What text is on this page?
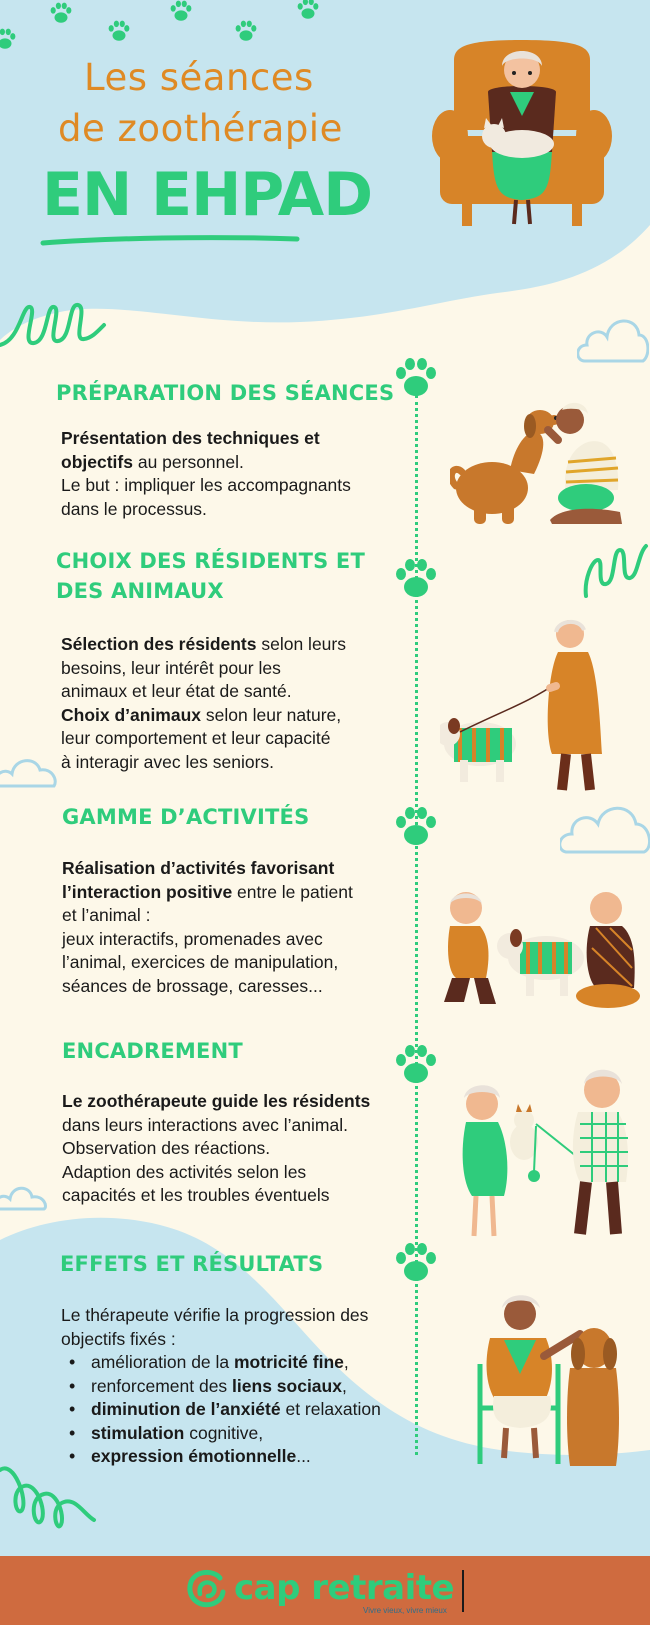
Les séances
de zoothérapie
EN EHPAD
PRÉPARATION DES SÉANCES
Présentation des techniques et
objectifs au personnel.
Le but : impliquer les accompagnants
dans le processus.
CHOIX DES RÉSIDENTS ET
DES ANIMAUX
Sélection des résidents selon leurs
besoins, leur intérêt pour les
animaux et leur état de santé.
Choix d’animaux selon leur nature,
leur comportement et leur capacité
à interagir avec les seniors.
GAMME D’ACTIVITÉS
Réalisation d’activités favorisant
l’interaction positive entre le patient
et l’animal :
jeux interactifs, promenades avec
l’animal, exercices de manipulation,
séances de brossage, caresses...
ENCADREMENT
Le zoothérapeute guide les résidents
dans leurs interactions avec l’animal.
Observation des réactions.
Adaption des activités selon les
capacités et les troubles éventuels
EFFETS ET RÉSULTATS
Le thérapeute vérifie la progression des
objectifs fixés :
• amélioration de la motricité fine,
• renforcement des liens sociaux,
• diminution de l’anxiété et relaxation
• stimulation cognitive,
• expression émotionnelle...
cap retraite
Vivre vieux, vivre mieux
